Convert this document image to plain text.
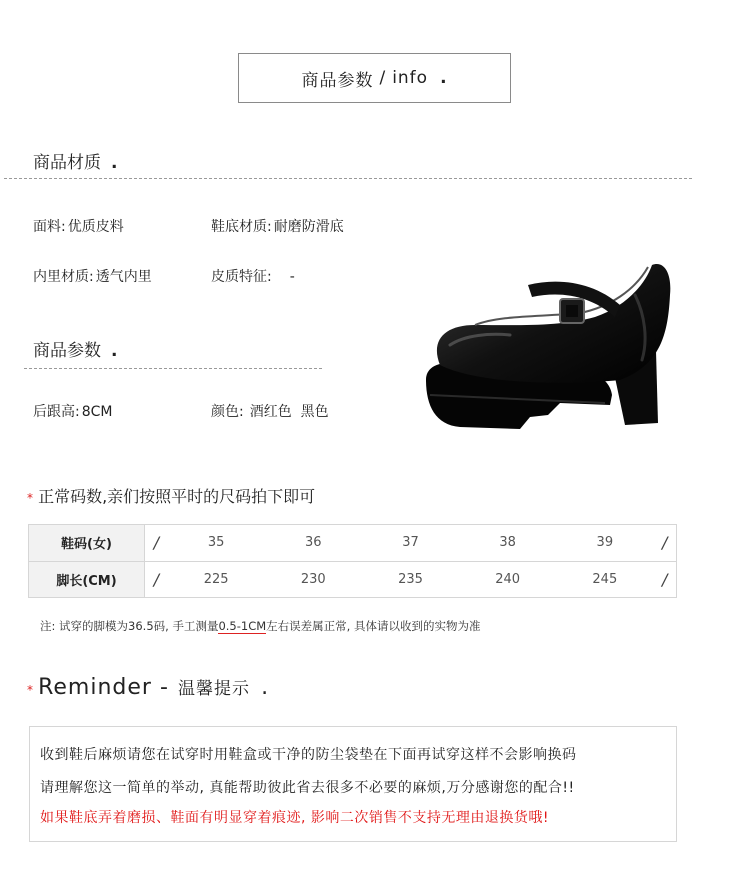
商品参数 / info .
商品材质 .
面料: 优质皮料	鞋底材质: 耐磨防滑底
内里材质: 透气内里	皮质特征: -
商品参数 .
后跟高: 8CM	颜色: 酒红色  黑色
* 正常码数,亲们按照平时的尺码拍下即可
鞋码(女)	/	35	36	37	38	39	/
脚长(CM)	/	225	230	235	240	245	/
注: 试穿的脚模为36.5码, 手工测量0.5-1CM左右误差属正常, 具体请以收到的实物为准
* Reminder - 温馨提示 .
收到鞋后麻烦请您在试穿时用鞋盒或干净的防尘袋垫在下面再试穿这样不会影响换码
请理解您这一简单的举动, 真能帮助彼此省去很多不必要的麻烦,万分感谢您的配合!!
如果鞋底弄着磨损、鞋面有明显穿着痕迹, 影响二次销售不支持无理由退换货哦!
